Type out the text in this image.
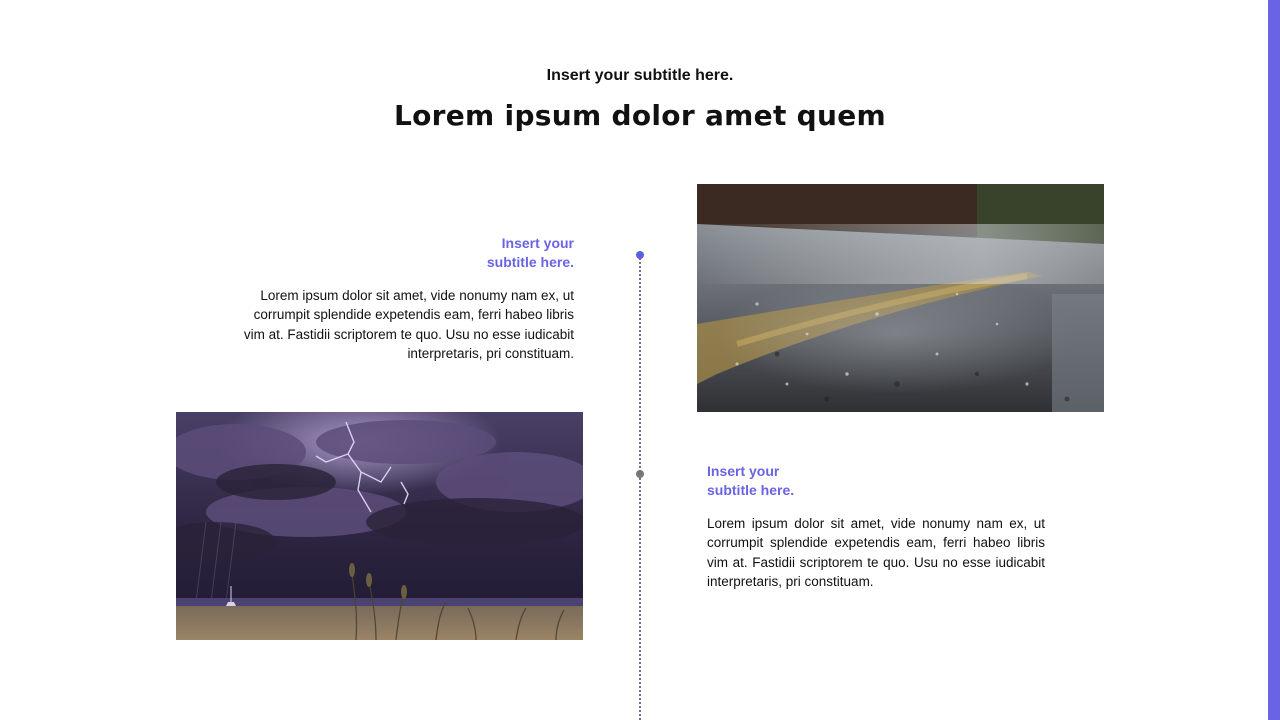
Insert your subtitle here.
Lorem ipsum dolor amet quem
Insert your
subtitle here.
Lorem ipsum dolor sit amet, vide nonumy nam ex, ut corrumpit splendide expetendis eam, ferri habeo libris vim at. Fastidii scriptorem te quo. Usu no esse iudicabit interpretaris, pri constituam.
Insert your
subtitle here.
Lorem ipsum dolor sit amet, vide nonumy nam ex, ut corrumpit splendide expetendis eam, ferri habeo libris vim at. Fastidii scriptorem te quo. Usu no esse iudicabit interpretaris, pri constituam.
